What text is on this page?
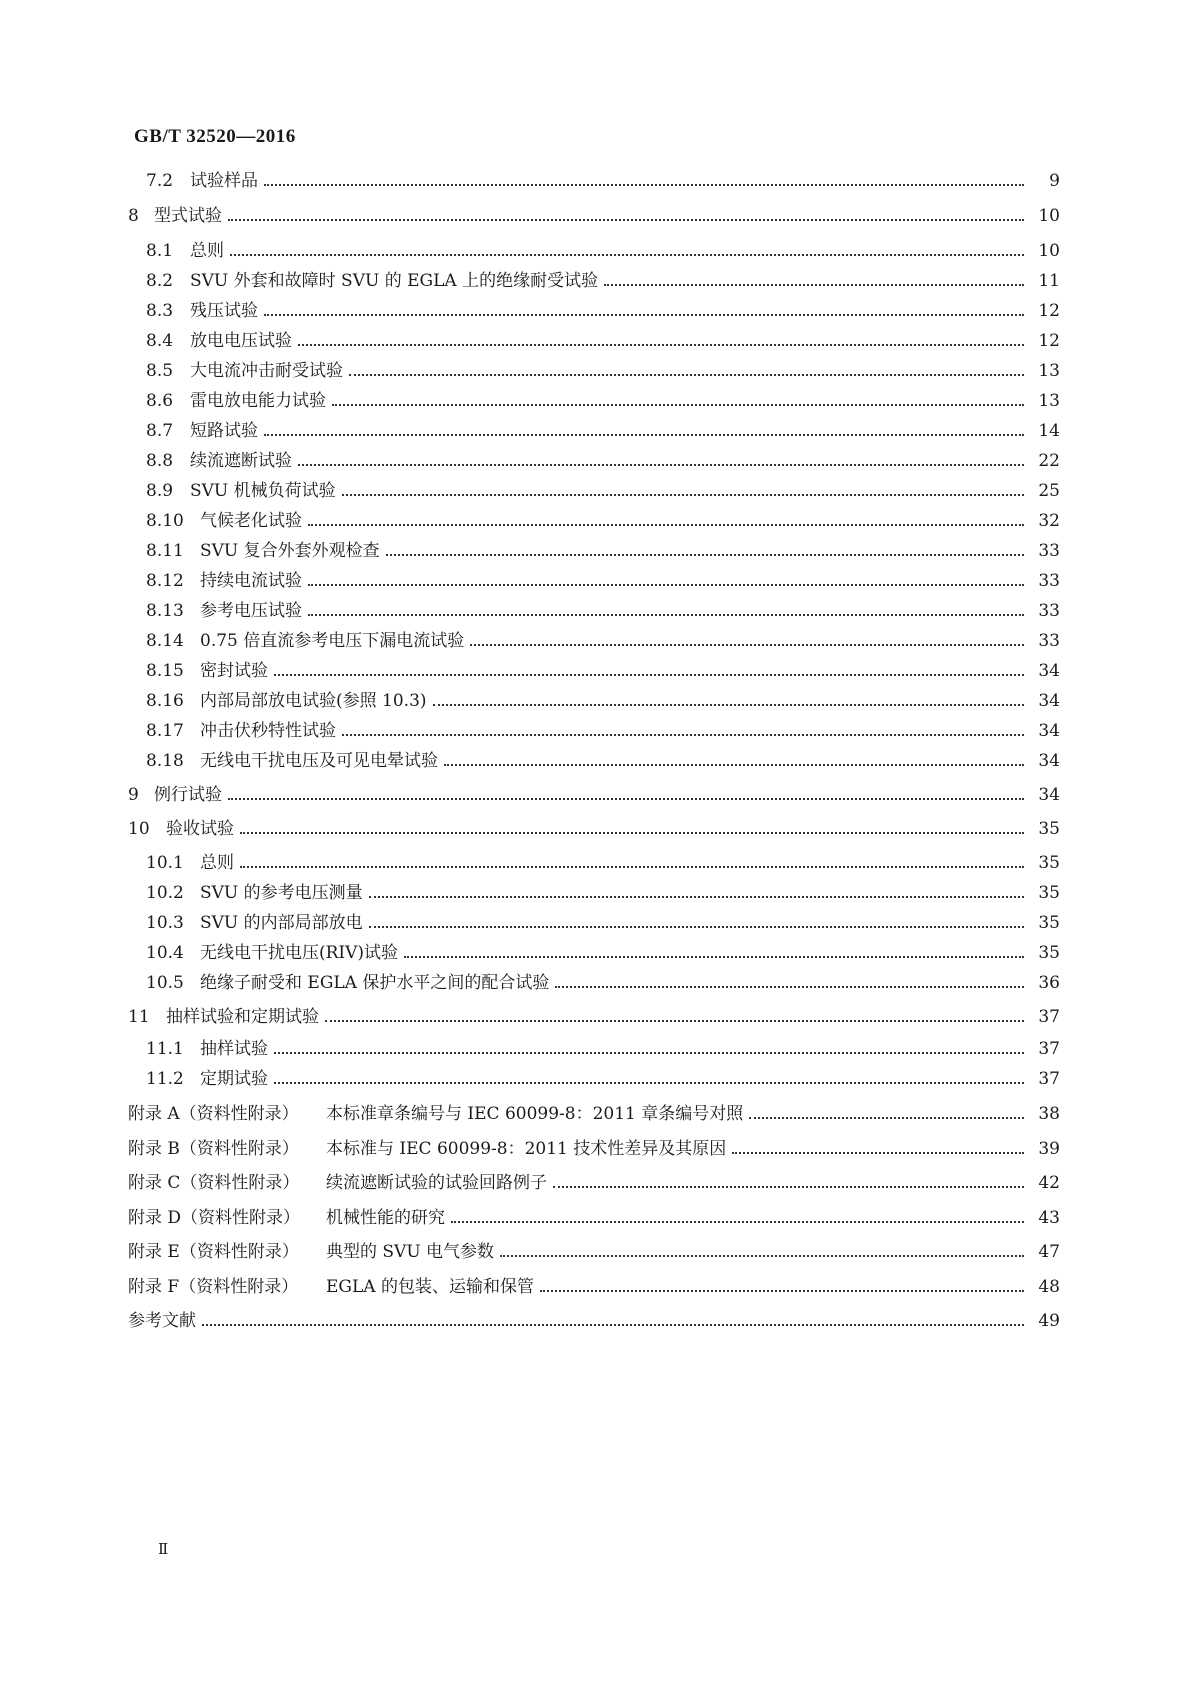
GB/T 32520—2016
7.2 试验样品	9
8 型式试验	10
8.1 总则	10
8.2 SVU 外套和故障时 SVU 的 EGLA 上的绝缘耐受试验	11
8.3 残压试验	12
8.4 放电电压试验	12
8.5 大电流冲击耐受试验	13
8.6 雷电放电能力试验	13
8.7 短路试验	14
8.8 续流遮断试验	22
8.9 SVU 机械负荷试验	25
8.10 气候老化试验	32
8.11 SVU 复合外套外观检查	33
8.12 持续电流试验	33
8.13 参考电压试验	33
8.14 0.75 倍直流参考电压下漏电流试验	33
8.15 密封试验	34
8.16 内部局部放电试验(参照 10.3)	34
8.17 冲击伏秒特性试验	34
8.18 无线电干扰电压及可见电晕试验	34
9 例行试验	34
10 验收试验	35
10.1 总则	35
10.2 SVU 的参考电压测量	35
10.3 SVU 的内部局部放电	35
10.4 无线电干扰电压(RIV)试验	35
10.5 绝缘子耐受和 EGLA 保护水平之间的配合试验	36
11 抽样试验和定期试验	37
11.1 抽样试验	37
11.2 定期试验	37
附录 A（资料性附录）	本标准章条编号与 IEC 60099-8：2011 章条编号对照	38
附录 B（资料性附录）	本标准与 IEC 60099-8：2011 技术性差异及其原因	39
附录 C（资料性附录）	续流遮断试验的试验回路例子	42
附录 D（资料性附录）	机械性能的研究	43
附录 E（资料性附录）	典型的 SVU 电气参数	47
附录 F（资料性附录）	EGLA 的包装、运输和保管	48
参考文献	49
Ⅱ
